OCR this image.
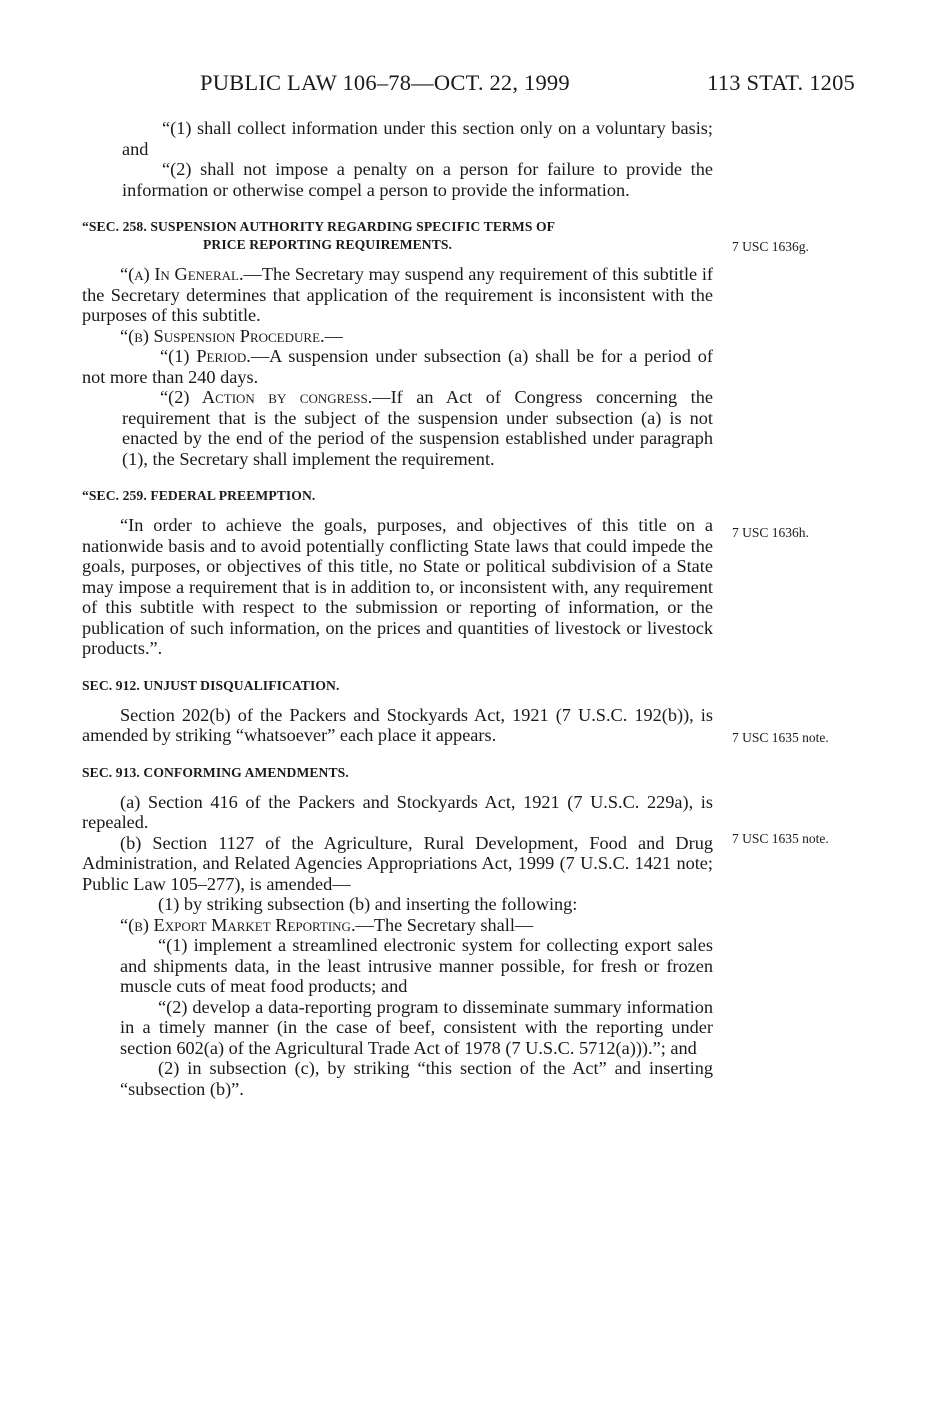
PUBLIC LAW 106–78—OCT. 22, 1999	113 STAT. 1205
7 USC 1636g.
7 USC 1636h.
7 USC 1635 note.
7 USC 1635 note.

“(1) shall collect information under this section only on a voluntary basis; and

“(2) shall not impose a penalty on a person for failure to provide the information or otherwise compel a person to provide the information.

“SEC. 258. SUSPENSION AUTHORITY REGARDING SPECIFIC TERMS OF
PRICE REPORTING REQUIREMENTS.

“(a) In General.—The Secretary may suspend any requirement of this subtitle if the Secretary determines that application of the requirement is inconsistent with the purposes of this subtitle.

“(b) Suspension Procedure.—

“(1) Period.—A suspension under subsection (a) shall be for a period of not more than 240 days.

“(2) Action by congress.—If an Act of Congress concerning the requirement that is the subject of the suspension under subsection (a) is not enacted by the end of the period of the suspension established under paragraph (1), the Secretary shall implement the requirement.

“SEC. 259. FEDERAL PREEMPTION.

“In order to achieve the goals, purposes, and objectives of this title on a nationwide basis and to avoid potentially conflicting State laws that could impede the goals, purposes, or objectives of this title, no State or political subdivision of a State may impose a requirement that is in addition to, or inconsistent with, any requirement of this subtitle with respect to the submission or reporting of information, or the publication of such information, on the prices and quantities of livestock or livestock products.”.

SEC. 912. UNJUST DISQUALIFICATION.

Section 202(b) of the Packers and Stockyards Act, 1921 (7 U.S.C. 192(b)), is amended by striking “whatsoever” each place it appears.

SEC. 913. CONFORMING AMENDMENTS.

(a) Section 416 of the Packers and Stockyards Act, 1921 (7 U.S.C. 229a), is repealed.

(b) Section 1127 of the Agriculture, Rural Development, Food and Drug Administration, and Related Agencies Appropriations Act, 1999 (7 U.S.C. 1421 note; Public Law 105–277), is amended—

(1) by striking subsection (b) and inserting the following:

“(b) Export Market Reporting.—The Secretary shall—

“(1) implement a streamlined electronic system for collecting export sales and shipments data, in the least intrusive manner possible, for fresh or frozen muscle cuts of meat food products; and

“(2) develop a data-reporting program to disseminate summary information in a timely manner (in the case of beef, consistent with the reporting under section 602(a) of the Agricultural Trade Act of 1978 (7 U.S.C. 5712(a))).”; and

(2) in subsection (c), by striking “this section of the Act” and inserting “subsection (b)”.
